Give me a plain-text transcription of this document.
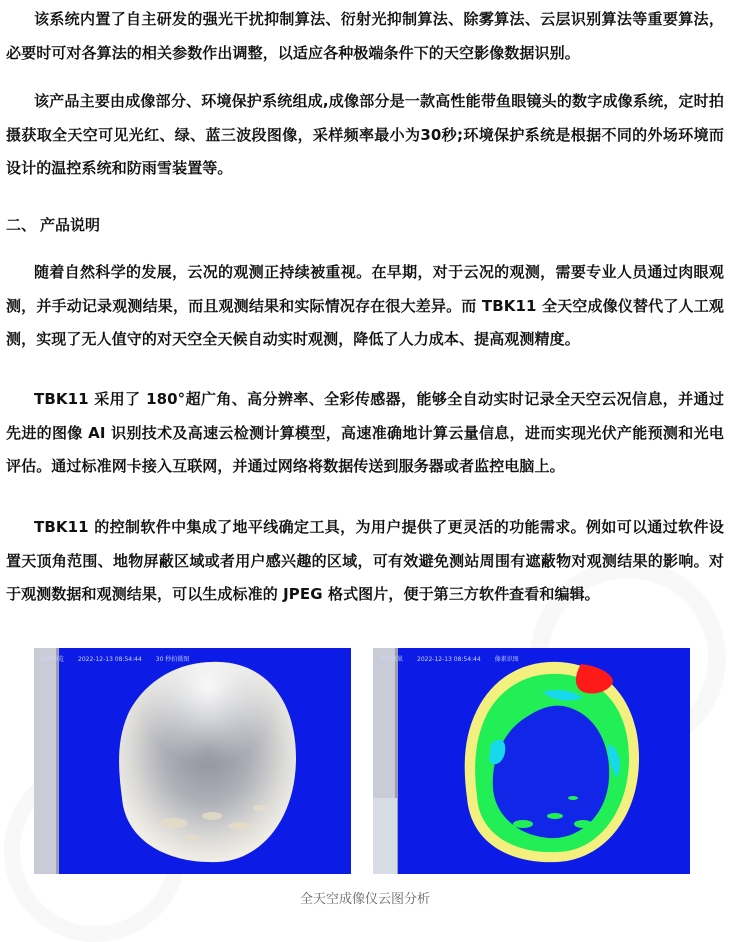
该系统内置了自主研发的强光干扰抑制算法、衍射光抑制算法、除雾算法、云层识别算法等重要算法，必要时可对各算法的相关参数作出调整，以适应各种极端条件下的天空影像数据识别。

该产品主要由成像部分、环境保护系统组成,成像部分是一款高性能带鱼眼镜头的数字成像系统，定时拍摄获取全天空可见光红、绿、蓝三波段图像，采样频率最小为30秒;环境保护系统是根据不同的外场环境而设计的温控系统和防雨雪装置等。

二、 产品说明

随着自然科学的发展，云况的观测正持续被重视。在早期，对于云况的观测，需要专业人员通过肉眼观测，并手动记录观测结果，而且观测结果和实际情况存在很大差异。而 TBK11 全天空成像仪替代了人工观测，实现了无人值守的对天空全天候自动实时观测，降低了人力成本、提高观测精度。

TBK11 采用了 180°超广角、高分辨率、全彩传感器，能够全自动实时记录全天空云况信息，并通过先进的图像 AI 识别技术及高速云检测计算模型，高速准确地计算云量信息，进而实现光伏产能预测和光电评估。通过标准网卡接入互联网，并通过网络将数据传送到服务器或者监控电脑上。

TBK11 的控制软件中集成了地平线确定工具，为用户提供了更灵活的功能需求。例如可以通过软件设置天顶角范围、地物屏蔽区域或者用户感兴趣的区域，可有效避免测站周围有遮蔽物对观测结果的影响。对于观测数据和观测结果，可以生成标准的 JPEG 格式图片，便于第三方软件查看和编辑。

云图预览 2022-12-13 08:54:44 30 秒拍摄图	识别结果 2022-12-13 08:54:44 像素识图
全天空成像仪云图分析
